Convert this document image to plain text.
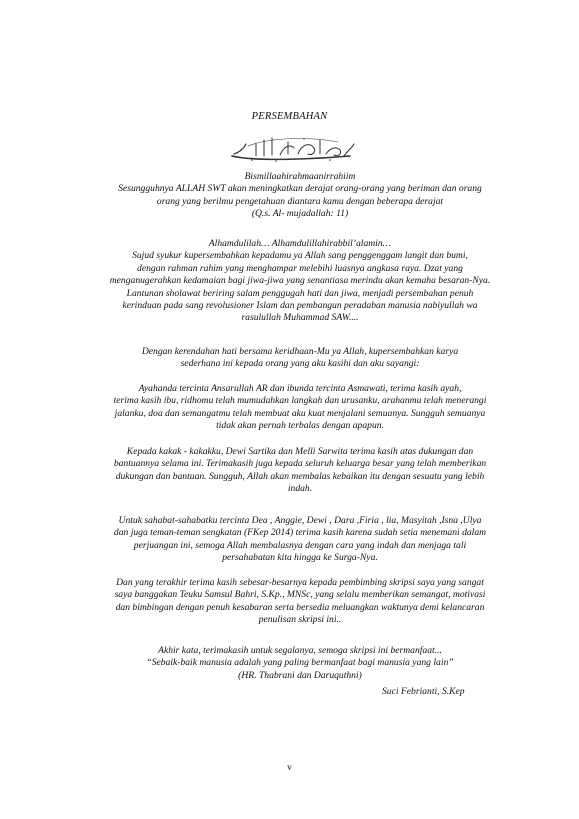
PERSEMBAHAN

Bismillaahirahmaanirrahiim

Sesungguhnya ALLAH SWT akan meningkatkan derajat orang-orang yang beriman dan orang

orang yang berilmu pengetahuan diantara kamu dengan beberapa derajat

(Q.s. Al- mujadallah: 11)

Alhamdulilah… Alhamdulillahirabbil’alamin…

Sujud syukur kupersembahkan kepadamu ya Allah sang penggenggam langit dan bumi,

dengan rahman rahim yang menghampar melebihi luasnya angkasa raya. Dzat yang

menganugerahkan kedamaian bagi jiwa-jiwa yang senantiasa merindu akan kemaha besaran-Nya.

Lantunan sholawat beriring salam penggugah hati dan jiwa, menjadi persembahan penuh

kerinduan pada sang revolusioner Islam dan pembangun peradaban manusia nabiyullah wa

rasulullah Muhammad SAW....

Dengan kerendahan hati bersama keridhaan-Mu ya Allah, kupersembahkan karya

sederhana ini kepada orang yang aku kasihi dan aku sayangi:

Ayahanda tercinta Ansarullah AR dan ibunda tercinta Asmawati, terima kasih ayah,

terima kasih ibu, ridhomu telah mumudahkan langkah dan urusanku, arahanmu telah menerangi

jalanku, doa dan semangatmu telah membuat aku kuat menjalani semuanya. Sungguh semuanya

tidak akan pernah terbalas dengan apapun.

Kepada kakak - kakakku, Dewi Sartika dan Melli Sarwita terima kasih atas dukungan dan

bantuannya selama ini. Terimakasih juga kepada seluruh keluarga besar yang telah memberikan

dukungan dan bantuan. Sungguh, Allah akan membalas kebaikan itu dengan sesuatu yang lebih

indah.

Untuk sahabat-sahabatku tercinta Dea , Anggie, Dewi , Dara ,Firia , lia, Masyitah ,Isna ,Ulya

dan juga teman-teman sengkatan (FKep 2014) terima kasih karena sudah setia menemani dalam

perjuangan ini, semoga Allah membalasnya dengan cara yang indah dan menjaga tali

persahabatan kita hingga ke Surga-Nya.

Dan yang terakhir terima kasih sebesar-besarnya kepada pembimbing skripsi saya yang sangat

saya banggakan Teuku Samsul Bahri, S.Kp., MNSc, yang selalu memberikan semangat, motivasi

dan bimbingan dengan penuh kesabaran serta bersedia meluangkan waktunya demi kelancaran

penulisan skripsi ini..

Akhir kata, terimakasih untuk segalanya, semoga skripsi ini bermanfaat...

“Sebaik-baik manusia adalah yang paling bermanfaat bagi manusia yang lain”

(HR. Thabrani dan Daruquthni)

Suci Febrianti, S.Kep
v
